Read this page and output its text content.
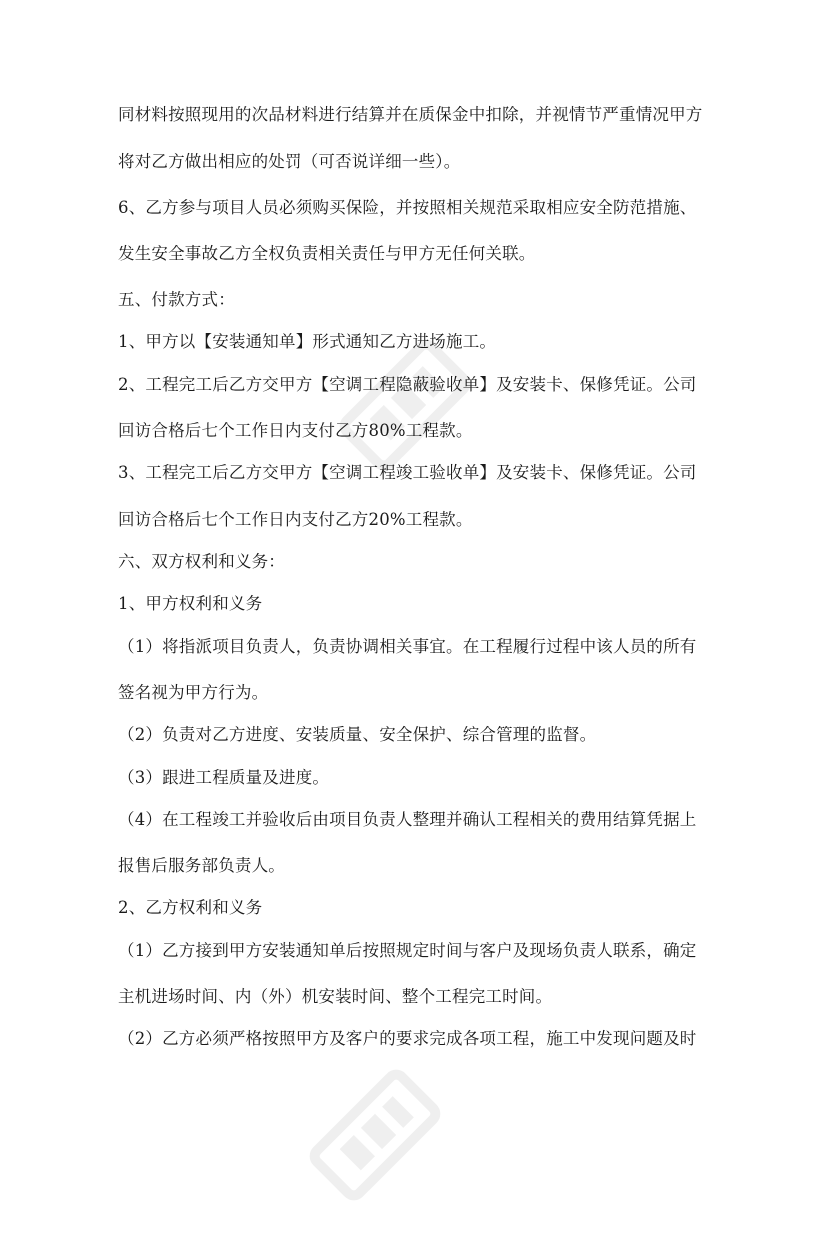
同材料按照现用的次品材料进行结算并在质保金中扣除，并视情节严重情况甲方
将对乙方做出相应的处罚（可否说详细一些）。
6、乙方参与项目人员必须购买保险，并按照相关规范采取相应安全防范措施、
发生安全事故乙方全权负责相关责任与甲方无任何关联。
五、付款方式：
1、甲方以【安装通知单】形式通知乙方进场施工。
2、工程完工后乙方交甲方【空调工程隐蔽验收单】及安装卡、保修凭证。公司
回访合格后七个工作日内支付乙方80%工程款。
3、工程完工后乙方交甲方【空调工程竣工验收单】及安装卡、保修凭证。公司
回访合格后七个工作日内支付乙方20%工程款。
六、双方权利和义务：
1、甲方权利和义务
（1）将指派项目负责人，负责协调相关事宜。在工程履行过程中该人员的所有
签名视为甲方行为。
（2）负责对乙方进度、安装质量、安全保护、综合管理的监督。
（3）跟进工程质量及进度。
（4）在工程竣工并验收后由项目负责人整理并确认工程相关的费用结算凭据上
报售后服务部负责人。
2、乙方权利和义务
（1）乙方接到甲方安装通知单后按照规定时间与客户及现场负责人联系，确定
主机进场时间、内（外）机安装时间、整个工程完工时间。
（2）乙方必须严格按照甲方及客户的要求完成各项工程，施工中发现问题及时
